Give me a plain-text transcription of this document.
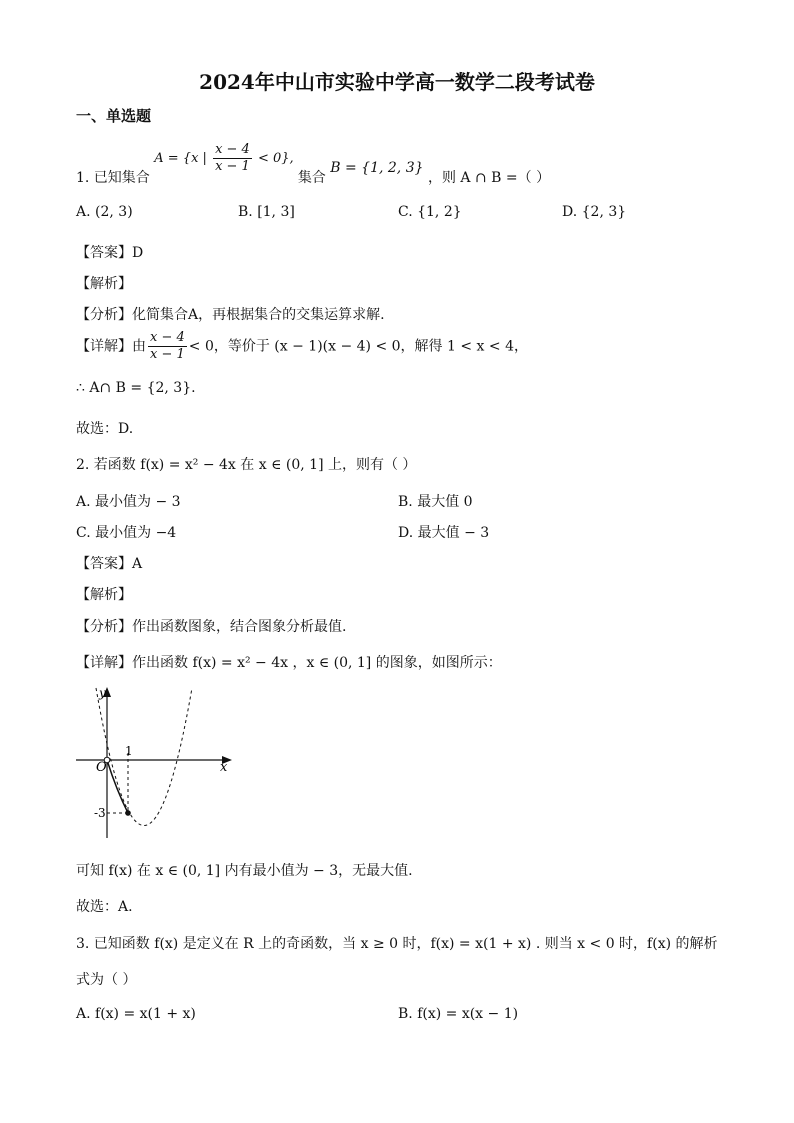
2024年中山市实验中学高一数学二段考试卷
一、单选题
1. 已知集合 A = {x | $\frac{x - 4}{x - 1} < 0$}, 集合 B = {1, 2, 3} ，则 A ∩ B =（ ）
A. (2, 3)	B. [1, 3]	C. {1, 2}	D. {2, 3}
【答案】D
【解析】
【分析】化简集合A，再根据集合的交集运算求解.
【详解】由 $\frac{x - 4}{x - 1} < 0$，等价于 (x − 1)(x − 4) < 0，解得 1 < x < 4，
∴ A∩ B = {2, 3}.
故选：D.
2. 若函数 f(x) = x² − 4x 在 x ∈ (0, 1] 上，则有（ ）
A. 最小值为 − 3	B. 最大值 0
C. 最小值为 −4	D. 最大值 − 3
【答案】A
【解析】
【分析】作出函数图象，结合图象分析最值.
【详解】作出函数 f(x) = x² − 4x ，x ∈ (0, 1] 的图象，如图所示：
y
x
O
1
-3
可知 f(x) 在 x ∈ (0, 1] 内有最小值为 − 3，无最大值.
故选：A.
3. 已知函数 f(x) 是定义在 R 上的奇函数，当 x ≥ 0 时，f(x) = x(1 + x) . 则当 x < 0 时，f(x) 的解析
式为（ ）
A. f(x) = x(1 + x)	B. f(x) = x(x − 1)
